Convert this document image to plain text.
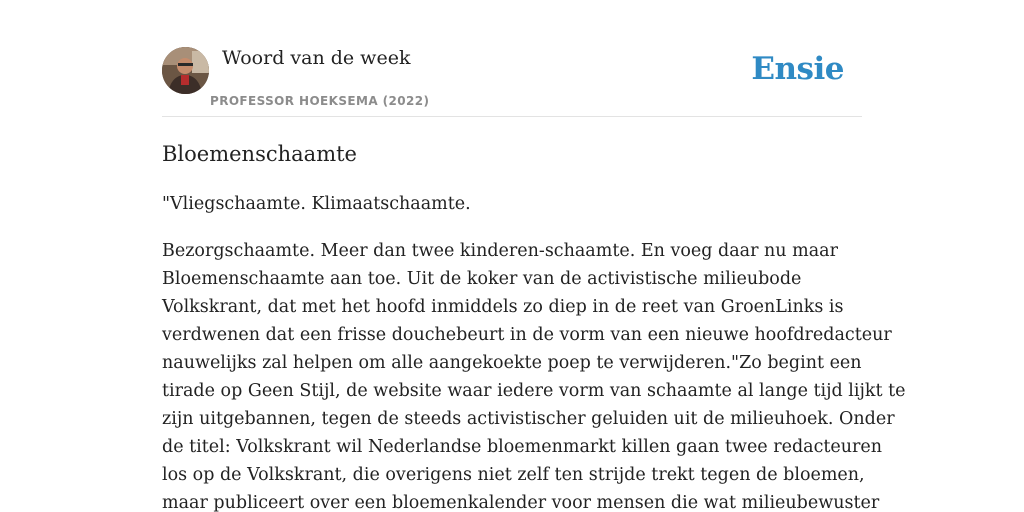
Woord van de week
PROFESSOR HOEKSEMA (2022)
Ensie
Bloemenschaamte

"Vliegschaamte. Klimaatschaamte.

Bezorgschaamte. Meer dan twee kinderen-schaamte. En voeg daar nu maar
Bloemenschaamte aan toe. Uit de koker van de activistische milieubode
Volkskrant, dat met het hoofd inmiddels zo diep in de reet van GroenLinks is
verdwenen dat een frisse douchebeurt in de vorm van een nieuwe hoofdredacteur
nauwelijks zal helpen om alle aangekoekte poep te verwijderen."Zo begint een
tirade op Geen Stijl, de website waar iedere vorm van schaamte al lange tijd lijkt te
zijn uitgebannen, tegen de steeds activistischer geluiden uit de milieuhoek. Onder
de titel: Volkskrant wil Nederlandse bloemenmarkt killen gaan twee redacteuren
los op de Volkskrant, die overigens niet zelf ten strijde trekt tegen de bloemen,
maar publiceert over een bloemenkalender voor mensen die wat milieubewuster
